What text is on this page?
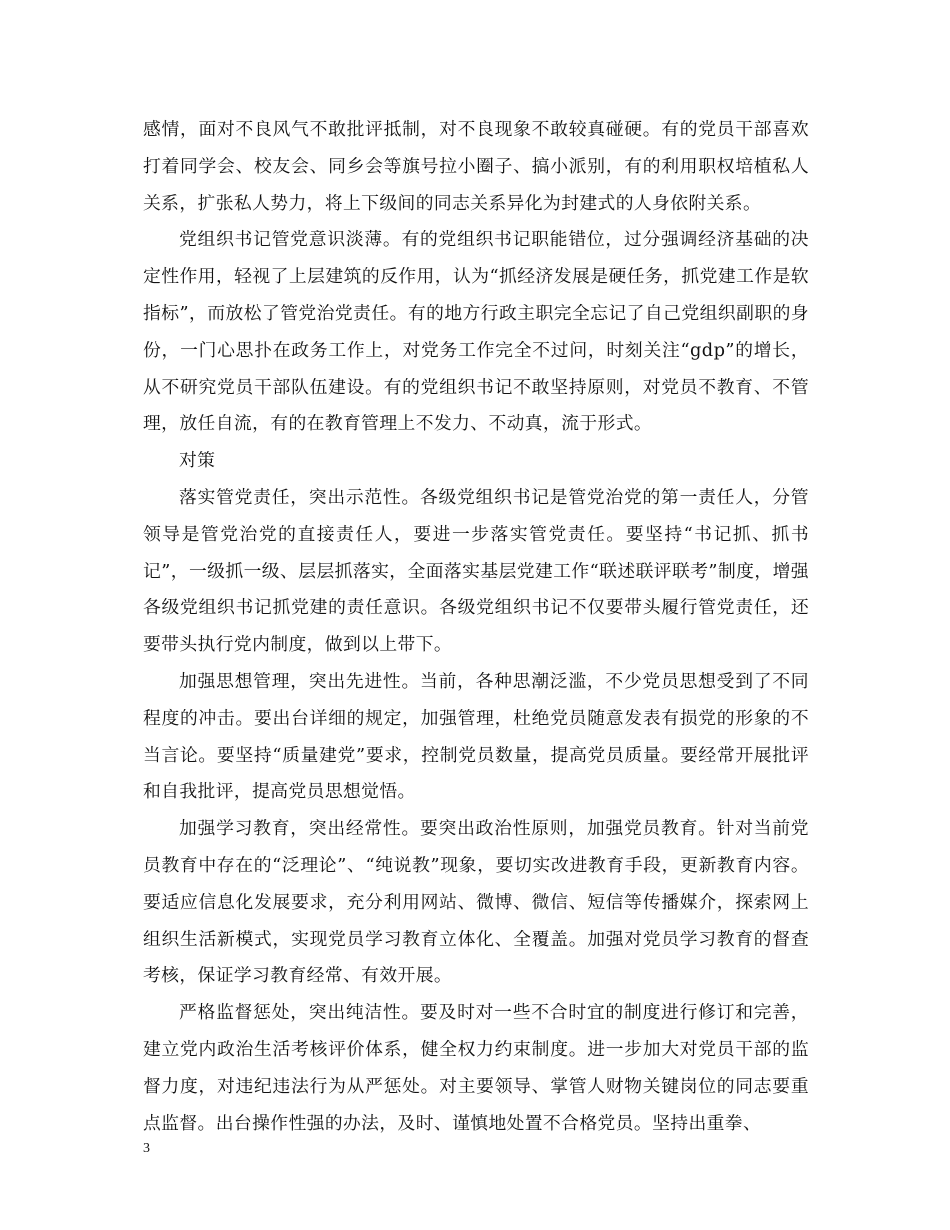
感情，面对不良风气不敢批评抵制，对不良现象不敢较真碰硬。有的党员干部喜欢打着同学会、校友会、同乡会等旗号拉小圈子、搞小派别，有的利用职权培植私人关系，扩张私人势力，将上下级间的同志关系异化为封建式的人身依附关系。

党组织书记管党意识淡薄。有的党组织书记职能错位，过分强调经济基础的决定性作用，轻视了上层建筑的反作用，认为“抓经济发展是硬任务，抓党建工作是软指标”，而放松了管党治党责任。有的地方行政主职完全忘记了自己党组织副职的身份，一门心思扑在政务工作上，对党务工作完全不过问，时刻关注“gdp”的增长，从不研究党员干部队伍建设。有的党组织书记不敢坚持原则，对党员不教育、不管理，放任自流，有的在教育管理上不发力、不动真，流于形式。

对策

落实管党责任，突出示范性。各级党组织书记是管党治党的第一责任人，分管领导是管党治党的直接责任人，要进一步落实管党责任。要坚持“书记抓、抓书记”，一级抓一级、层层抓落实，全面落实基层党建工作“联述联评联考”制度，增强各级党组织书记抓党建的责任意识。各级党组织书记不仅要带头履行管党责任，还要带头执行党内制度，做到以上带下。

加强思想管理，突出先进性。当前，各种思潮泛滥，不少党员思想受到了不同程度的冲击。要出台详细的规定，加强管理，杜绝党员随意发表有损党的形象的不当言论。要坚持“质量建党”要求，控制党员数量，提高党员质量。要经常开展批评和自我批评，提高党员思想觉悟。

加强学习教育，突出经常性。要突出政治性原则，加强党员教育。针对当前党员教育中存在的“泛理论”、“纯说教”现象，要切实改进教育手段，更新教育内容。要适应信息化发展要求，充分利用网站、微博、微信、短信等传播媒介，探索网上组织生活新模式，实现党员学习教育立体化、全覆盖。加强对党员学习教育的督查考核，保证学习教育经常、有效开展。

严格监督惩处，突出纯洁性。要及时对一些不合时宜的制度进行修订和完善，建立党内政治生活考核评价体系，健全权力约束制度。进一步加大对党员干部的监督力度，对违纪违法行为从严惩处。对主要领导、掌管人财物关键岗位的同志要重点监督。出台操作性强的办法，及时、谨慎地处置不合格党员。坚持出重拳、

3
